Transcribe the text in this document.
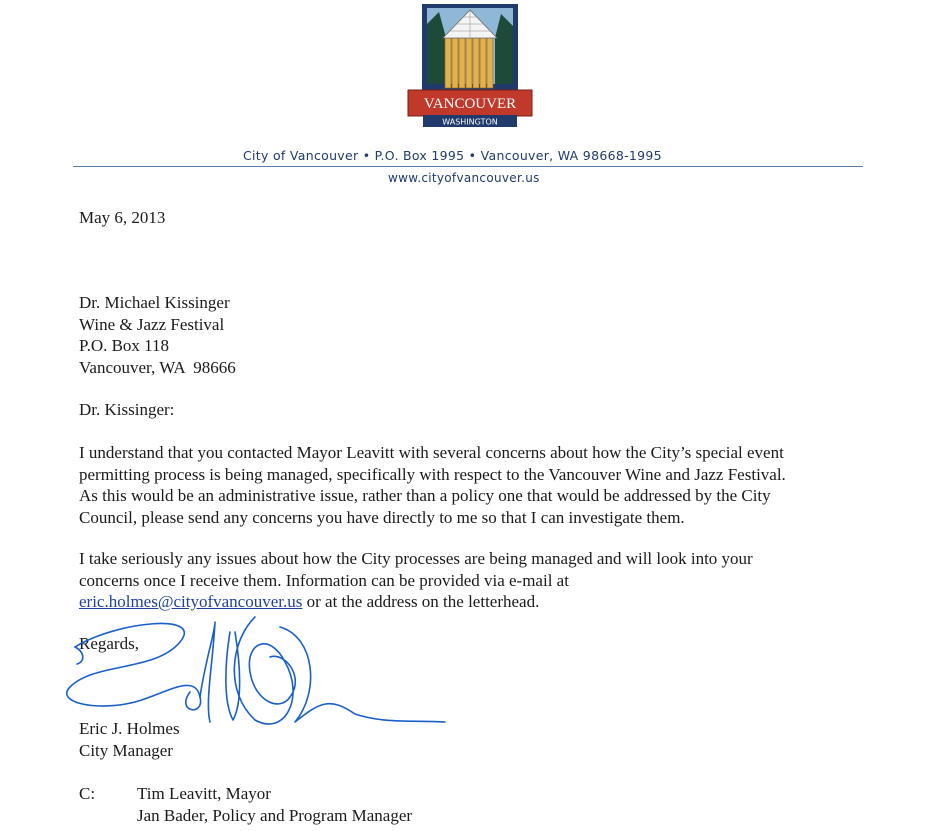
VANCOUVER
WASHINGTON
City of Vancouver • P.O. Box 1995 • Vancouver, WA 98668-1995
www.cityofvancouver.us
May 6, 2013
Dr. Michael Kissinger
Wine & Jazz Festival
P.O. Box 118
Vancouver, WA  98666
Dr. Kissinger:
I understand that you contacted Mayor Leavitt with several concerns about how the City’s special event
permitting process is being managed, specifically with respect to the Vancouver Wine and Jazz Festival.
As this would be an administrative issue, rather than a policy one that would be addressed by the City
Council, please send any concerns you have directly to me so that I can investigate them.
I take seriously any issues about how the City processes are being managed and will look into your
concerns once I receive them. Information can be provided via e-mail at
eric.holmes@cityofvancouver.us or at the address on the letterhead.
Regards,
Eric J. Holmes
City Manager
C: Tim Leavitt, Mayor
Jan Bader, Policy and Program Manager
